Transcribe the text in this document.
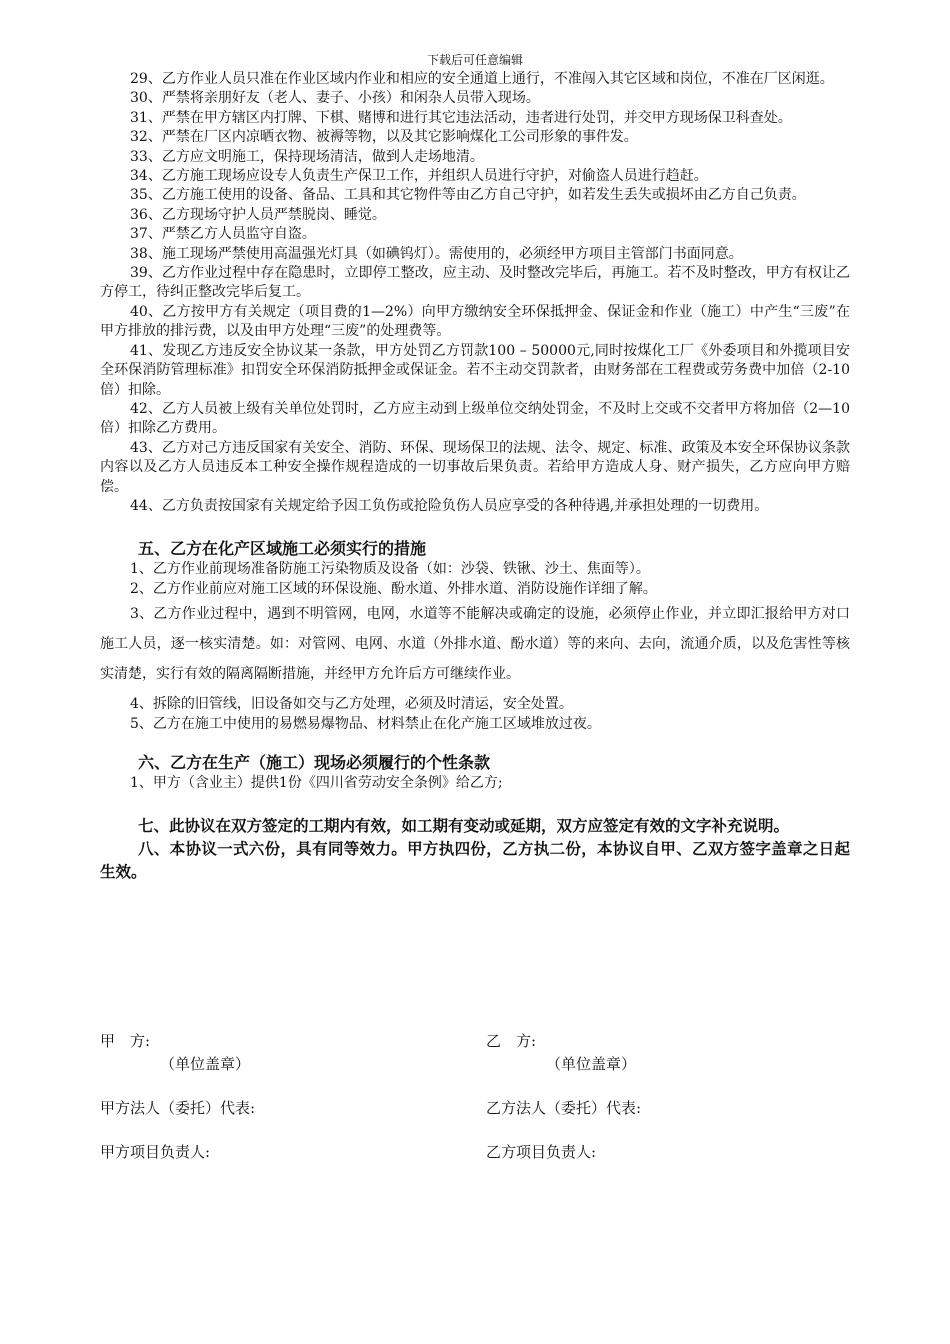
下载后可任意编辑

29、乙方作业人员只准在作业区域内作业和相应的安全通道上通行，不准闯入其它区域和岗位，不准在厂区闲逛。

30、严禁将亲朋好友（老人、妻子、小孩）和闲杂人员带入现场。

31、严禁在甲方辖区内打牌、下棋、赌博和进行其它违法活动，违者进行处罚，并交甲方现场保卫科查处。

32、严禁在厂区内凉晒衣物、被褥等物，以及其它影响煤化工公司形象的事件发。

33、乙方应文明施工，保持现场清洁，做到人走场地清。

34、乙方施工现场应设专人负责生产保卫工作，并组织人员进行守护，对偷盗人员进行趋赶。

35、乙方施工使用的设备、备品、工具和其它物件等由乙方自己守护，如若发生丢失或损坏由乙方自己负责。

36、乙方现场守护人员严禁脱岗、睡觉。

37、严禁乙方人员监守自盗。

38、施工现场严禁使用高温强光灯具（如碘钨灯）。需使用的，必须经甲方项目主管部门书面同意。

39、乙方作业过程中存在隐患时，立即停工整改，应主动、及时整改完毕后，再施工。若不及时整改，甲方有权让乙方停工，待纠正整改完毕后复工。

40、乙方按甲方有关规定（项目费的1—2%）向甲方缴纳安全环保抵押金、保证金和作业（施工）中产生“三废”在甲方排放的排污费，以及由甲方处理“三废”的处理费等。

41、发现乙方违反安全协议某一条款，甲方处罚乙方罚款100 – 50000元,同时按煤化工厂《外委项目和外揽项目安全环保消防管理标准》扣罚安全环保消防抵押金或保证金。若不主动交罚款者，由财务部在工程费或劳务费中加倍（2-10倍）扣除。

42、乙方人员被上级有关单位处罚时，乙方应主动到上级单位交纳处罚金，不及时上交或不交者甲方将加倍（2—10倍）扣除乙方费用。

43、乙方对己方违反国家有关安全、消防、环保、现场保卫的法规、法令、规定、标准、政策及本安全环保协议条款内容以及乙方人员违反本工种安全操作规程造成的一切事故后果负责。若给甲方造成人身、财产损失，乙方应向甲方赔偿。

44、乙方负责按国家有关规定给予因工负伤或抢险负伤人员应享受的各种待遇,并承担处理的一切费用。

五、乙方在化产区域施工必须实行的措施

1、乙方作业前现场准备防施工污染物质及设备（如：沙袋、铁锹、沙土、焦面等）。

2、乙方作业前应对施工区域的环保设施、酚水道、外排水道、消防设施作详细了解。

3、乙方作业过程中，遇到不明管网，电网，水道等不能解决或确定的设施，必须停止作业，并立即汇报给甲方对口施工人员，逐一核实清楚。如：对管网、电网、水道（外排水道、酚水道）等的来向、去向，流通介质，以及危害性等核实清楚，实行有效的隔离隔断措施，并经甲方允许后方可继续作业。

4、拆除的旧管线，旧设备如交与乙方处理，必须及时清运，安全处置。

5、乙方在施工中使用的易燃易爆物品、材料禁止在化产施工区域堆放过夜。

六、乙方在生产（施工）现场必须履行的个性条款

1、甲方（含业主）提供1份《四川省劳动安全条例》给乙方;

七、此协议在双方签定的工期内有效，如工期有变动或延期，双方应签定有效的文字补充说明。

八、本协议一式六份，具有同等效力。甲方执四份，乙方执二份，本协议自甲、乙双方签字盖章之日起生效。

甲　方:	乙　方:
（单位盖章）	（单位盖章）
甲方法人（委托）代表:	乙方法人（委托）代表:
甲方项目负责人:	乙方项目负责人:
